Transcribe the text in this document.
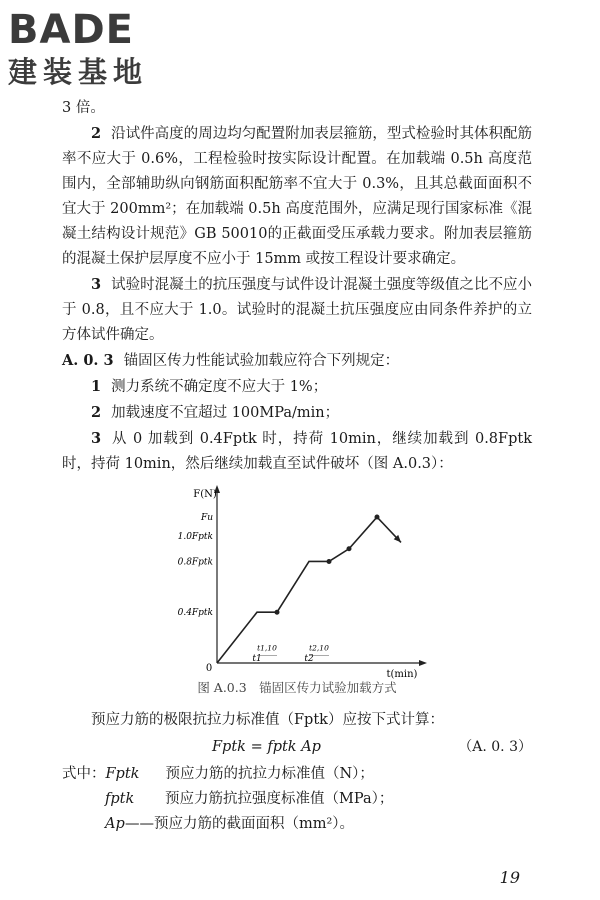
BADE
建装基地

3 倍。

2 沿试件高度的周边均匀配置附加表层箍筋，型式检验时其体积配筋率不应大于 0.6%，工程检验时按实际设计配置。在加载端 0.5h 高度范围内，全部辅助纵向钢筋面积配筋率不宜大于 0.3%，且其总截面面积不宜大于 200mm²；在加载端 0.5h 高度范围外，应满足现行国家标准《混凝土结构设计规范》GB 50010的正截面受压承载力要求。附加表层箍筋的混凝土保护层厚度不应小于 15mm 或按工程设计要求确定。

3 试验时混凝土的抗压强度与试件设计混凝土强度等级值之比不应小于 0.8，且不应大于 1.0。试验时的混凝土抗压强度应由同条件养护的立方体试件确定。

A. 0. 3 锚固区传力性能试验加载应符合下列规定：

1 测力系统不确定度不应大于 1%；

2 加载速度不宜超过 100MPa/min；

3 从 0 加载到 0.4Fptk 时，持荷 10min，继续加载到 0.8Fptk 时，持荷 10min，然后继续加载直至试件破坏（图 A.0.3）：

F(N)
t(min)
0
Fu
1.0Fptk
0.8Fptk
0.4Fptk
t1	t2
t1,10	t2,10
图 A.0.3　锚固区传力试验加载方式

预应力筋的极限抗拉力标准值（Fptk）应按下式计算：

Fptk = fptk Ap	（A. 0. 3）
式中： Fptk	预应力筋的抗拉力标准值（N）；
fptk	预应力筋抗拉强度标准值（MPa）；
Ap ——预应力筋的截面面积（mm²）。
19
